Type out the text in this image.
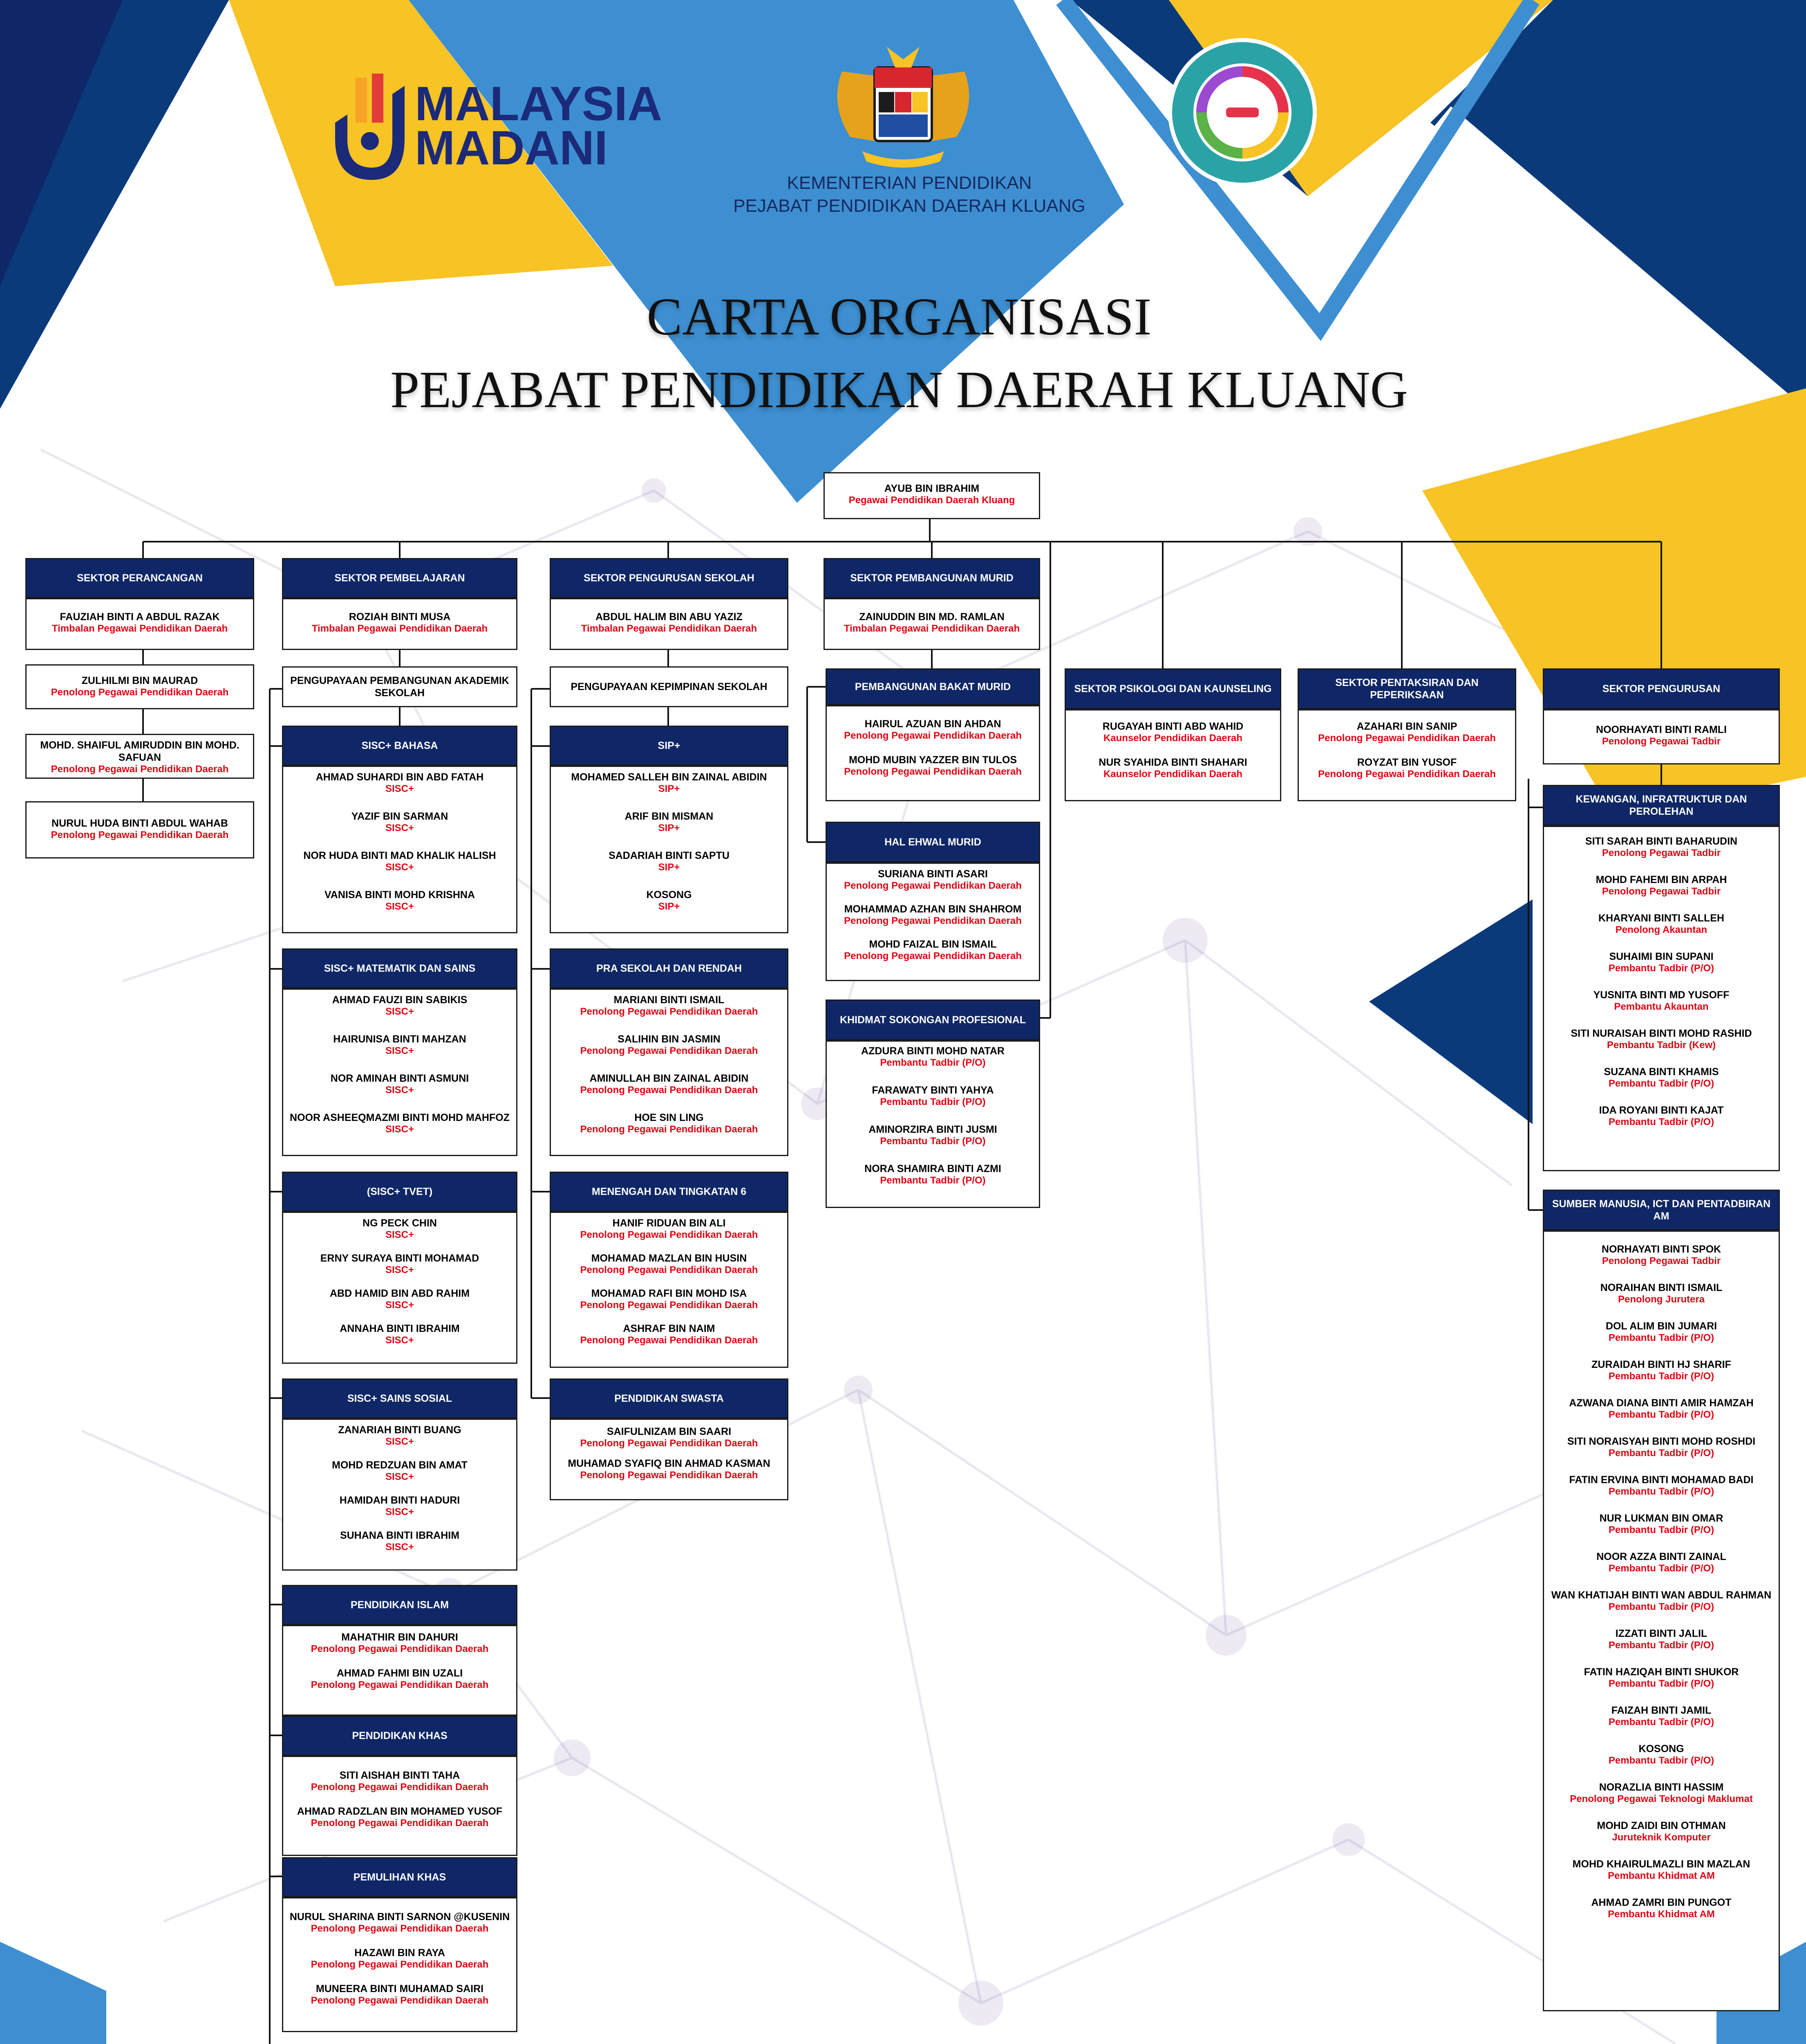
MALAYSIA
MADANI
KEMENTERIAN PENDIDIKAN
PEJABAT PENDIDIKAN DAERAH KLUANG
CARTA ORGANISASI
PEJABAT PENDIDIKAN DAERAH KLUANG
AYUB BIN IBRAHIM
Pegawai Pendidikan Daerah Kluang
SEKTOR PERANCANGAN
FAUZIAH BINTI A ABDUL RAZAK
Timbalan Pegawai Pendidikan Daerah
ZULHILMI BIN MAURAD
Penolong Pegawai Pendidikan Daerah
MOHD. SHAIFUL AMIRUDDIN BIN MOHD. SAFUAN
Penolong Pegawai Pendidikan Daerah
NURUL HUDA BINTI ABDUL WAHAB
Penolong Pegawai Pendidikan Daerah
SEKTOR PEMBELAJARAN
ROZIAH BINTI MUSA
Timbalan Pegawai Pendidikan Daerah
PENGUPAYAAN PEMBANGUNAN AKADEMIK SEKOLAH
SISC+ BAHASA
AHMAD SUHARDI BIN ABD FATAH
SISC+
YAZIF BIN SARMAN
SISC+
NOR HUDA BINTI MAD KHALIK HALISH
SISC+
VANISA BINTI MOHD KRISHNA
SISC+
SISC+ MATEMATIK DAN SAINS
AHMAD FAUZI BIN SABIKIS
SISC+
HAIRUNISA BINTI MAHZAN
SISC+
NOR AMINAH BINTI ASMUNI
SISC+
NOOR ASHEEQMAZMI BINTI MOHD MAHFOZ
SISC+
(SISC+ TVET)
NG PECK CHIN
SISC+
ERNY SURAYA BINTI MOHAMAD
SISC+
ABD HAMID BIN ABD RAHIM
SISC+
ANNAHA BINTI IBRAHIM
SISC+
SISC+ SAINS SOSIAL
ZANARIAH BINTI BUANG
SISC+
MOHD REDZUAN BIN AMAT
SISC+
HAMIDAH BINTI HADURI
SISC+
SUHANA BINTI IBRAHIM
SISC+
PENDIDIKAN ISLAM
MAHATHIR BIN DAHURI
Penolong Pegawai Pendidikan Daerah
AHMAD FAHMI BIN UZALI
Penolong Pegawai Pendidikan Daerah
PENDIDIKAN KHAS
SITI AISHAH BINTI TAHA
Penolong Pegawai Pendidikan Daerah
AHMAD RADZLAN BIN MOHAMED YUSOF
Penolong Pegawai Pendidikan Daerah
PEMULIHAN KHAS
NURUL SHARINA BINTI SARNON @KUSENIN
Penolong Pegawai Pendidikan Daerah
HAZAWI BIN RAYA
Penolong Pegawai Pendidikan Daerah
MUNEERA BINTI MUHAMAD SAIRI
Penolong Pegawai Pendidikan Daerah
SEKTOR PENGURUSAN SEKOLAH
ABDUL HALIM BIN ABU YAZIZ
Timbalan Pegawai Pendidikan Daerah
PENGUPAYAAN KEPIMPINAN SEKOLAH
SIP+
MOHAMED SALLEH BIN ZAINAL ABIDIN
SIP+
ARIF BIN MISMAN
SIP+
SADARIAH BINTI SAPTU
SIP+
KOSONG
SIP+
PRA SEKOLAH DAN RENDAH
MARIANI BINTI ISMAIL
Penolong Pegawai Pendidikan Daerah
SALIHIN BIN JASMIN
Penolong Pegawai Pendidikan Daerah
AMINULLAH BIN ZAINAL ABIDIN
Penolong Pegawai Pendidikan Daerah
HOE SIN LING
Penolong Pegawai Pendidikan Daerah
MENENGAH DAN TINGKATAN 6
HANIF RIDUAN BIN ALI
Penolong Pegawai Pendidikan Daerah
MOHAMAD MAZLAN BIN HUSIN
Penolong Pegawai Pendidikan Daerah
MOHAMAD RAFI BIN MOHD ISA
Penolong Pegawai Pendidikan Daerah
ASHRAF BIN NAIM
Penolong Pegawai Pendidikan Daerah
PENDIDIKAN SWASTA
SAIFULNIZAM BIN SAARI
Penolong Pegawai Pendidikan Daerah
MUHAMAD SYAFIQ BIN AHMAD KASMAN
Penolong Pegawai Pendidikan Daerah
SEKTOR PEMBANGUNAN MURID
ZAINUDDIN BIN MD. RAMLAN
Timbalan Pegawai Pendidikan Daerah
PEMBANGUNAN BAKAT MURID
HAIRUL AZUAN BIN AHDAN
Penolong Pegawai Pendidikan Daerah
MOHD MUBIN YAZZER BIN TULOS
Penolong Pegawai Pendidikan Daerah
HAL EHWAL MURID
SURIANA BINTI ASARI
Penolong Pegawai Pendidikan Daerah
MOHAMMAD AZHAN BIN SHAHROM
Penolong Pegawai Pendidikan Daerah
MOHD FAIZAL BIN ISMAIL
Penolong Pegawai Pendidikan Daerah
KHIDMAT SOKONGAN PROFESIONAL
AZDURA BINTI MOHD NATAR
Pembantu Tadbir (P/O)
FARAWATY BINTI YAHYA
Pembantu Tadbir (P/O)
AMINORZIRA BINTI JUSMI
Pembantu Tadbir (P/O)
NORA SHAMIRA BINTI AZMI
Pembantu Tadbir (P/O)
SEKTOR PSIKOLOGI DAN KAUNSELING
RUGAYAH BINTI ABD WAHID
Kaunselor Pendidikan Daerah
NUR SYAHIDA BINTI SHAHARI
Kaunselor Pendidikan Daerah
SEKTOR PENTAKSIRAN DAN PEPERIKSAAN
AZAHARI BIN SANIP
Penolong Pegawai Pendidikan Daerah
ROYZAT BIN YUSOF
Penolong Pegawai Pendidikan Daerah
SEKTOR PENGURUSAN
NOORHAYATI BINTI RAMLI
Penolong Pegawai Tadbir
KEWANGAN, INFRATRUKTUR DAN PEROLEHAN
SITI SARAH BINTI BAHARUDIN
Penolong Pegawai Tadbir
MOHD FAHEMI BIN ARPAH
Penolong Pegawai Tadbir
KHARYANI BINTI SALLEH
Penolong Akauntan
SUHAIMI BIN SUPANI
Pembantu Tadbir (P/O)
YUSNITA BINTI MD YUSOFF
Pembantu Akauntan
SITI NURAISAH BINTI MOHD RASHID
Pembantu Tadbir (Kew)
SUZANA BINTI KHAMIS
Pembantu Tadbir (P/O)
IDA ROYANI BINTI KAJAT
Pembantu Tadbir (P/O)
SUMBER MANUSIA, ICT DAN PENTADBIRAN AM
NORHAYATI BINTI SPOK
Penolong Pegawai Tadbir
NORAIHAN BINTI ISMAIL
Penolong Jurutera
DOL ALIM BIN JUMARI
Pembantu Tadbir (P/O)
ZURAIDAH BINTI HJ SHARIF
Pembantu Tadbir (P/O)
AZWANA DIANA BINTI AMIR HAMZAH
Pembantu Tadbir (P/O)
SITI NORAISYAH BINTI MOHD ROSHDI
Pembantu Tadbir (P/O)
FATIN ERVINA BINTI MOHAMAD BADI
Pembantu Tadbir (P/O)
NUR LUKMAN BIN OMAR
Pembantu Tadbir (P/O)
NOOR AZZA BINTI ZAINAL
Pembantu Tadbir (P/O)
WAN KHATIJAH BINTI WAN ABDUL RAHMAN
Pembantu Tadbir (P/O)
IZZATI BINTI JALIL
Pembantu Tadbir (P/O)
FATIN HAZIQAH BINTI SHUKOR
Pembantu Tadbir (P/O)
FAIZAH BINTI JAMIL
Pembantu Tadbir (P/O)
KOSONG
Pembantu Tadbir (P/O)
NORAZLIA BINTI HASSIM
Penolong Pegawai Teknologi Maklumat
MOHD ZAIDI BIN OTHMAN
Juruteknik Komputer
MOHD KHAIRULMAZLI BIN MAZLAN
Pembantu Khidmat AM
AHMAD ZAMRI BIN PUNGOT
Pembantu Khidmat AM
